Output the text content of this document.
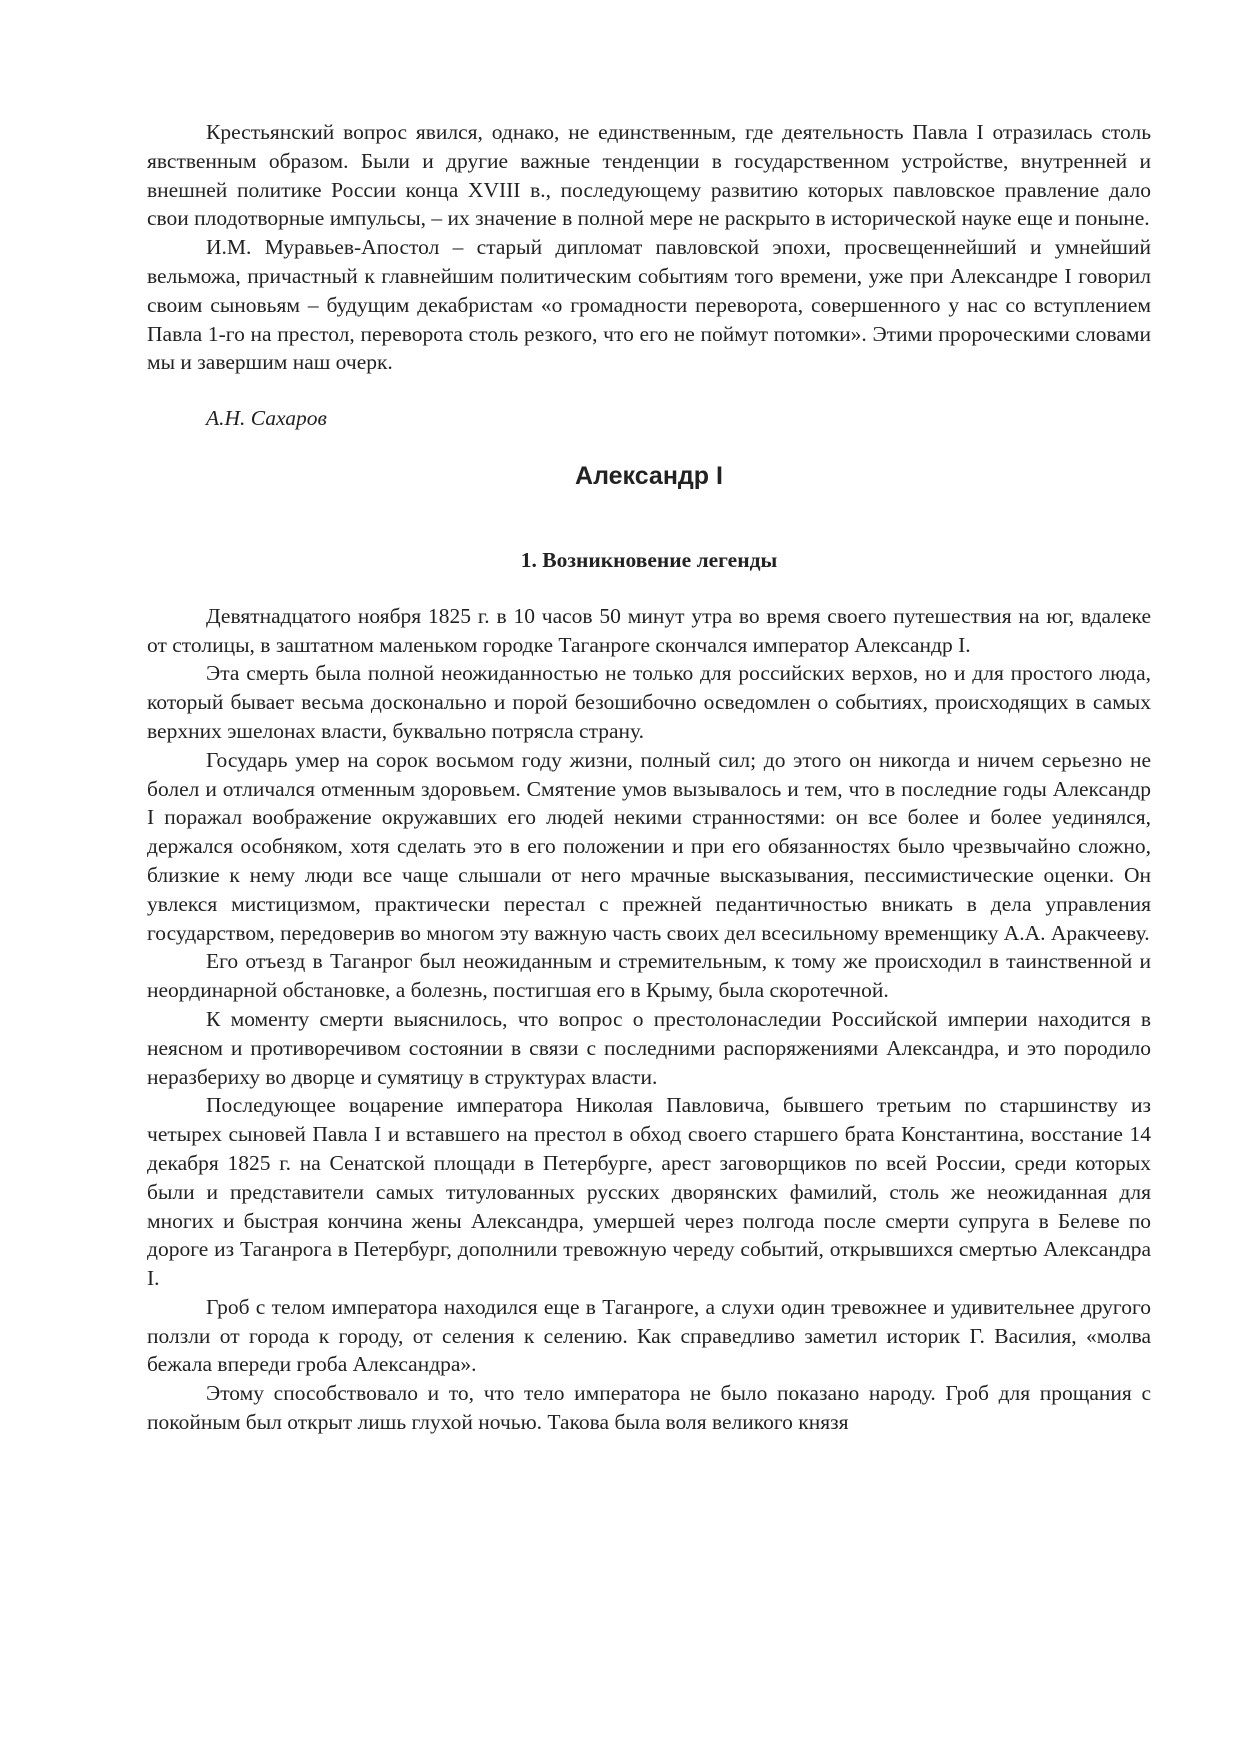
Крестьянский вопрос явился, однако, не единственным, где деятельность Павла I отразилась столь явственным образом. Были и другие важные тенденции в государственном устройстве, внутренней и внешней политике России конца XVIII в., последующему развитию которых павловское правление дало свои плодотворные импульсы, – их значение в полной мере не раскрыто в исторической науке еще и поныне.

И.М. Муравьев-Апостол – старый дипломат павловской эпохи, просвещеннейший и умнейший вельможа, причастный к главнейшим политическим событиям того времени, уже при Александре I говорил своим сыновьям – будущим декабристам «о громадности переворота, совершенного у нас со вступлением Павла 1-го на престол, переворота столь резкого, что его не поймут потомки». Этими пророческими словами мы и завершим наш очерк.

А.Н. Сахаров

Александр I
1. Возникновение легенды

Девятнадцатого ноября 1825 г. в 10 часов 50 минут утра во время своего путешествия на юг, вдалеке от столицы, в заштатном маленьком городке Таганроге скончался император Александр I.

Эта смерть была полной неожиданностью не только для российских верхов, но и для простого люда, который бывает весьма досконально и порой безошибочно осведомлен о событиях, происходящих в самых верхних эшелонах власти, буквально потрясла страну.

Государь умер на сорок восьмом году жизни, полный сил; до этого он никогда и ничем серьезно не болел и отличался отменным здоровьем. Смятение умов вызывалось и тем, что в последние годы Александр I поражал воображение окружавших его людей некими странностями: он все более и более уединялся, держался особняком, хотя сделать это в его положении и при его обязанностях было чрезвычайно сложно, близкие к нему люди все чаще слышали от него мрачные высказывания, пессимистические оценки. Он увлекся мистицизмом, практически перестал с прежней педантичностью вникать в дела управления государством, передоверив во многом эту важную часть своих дел всесильному временщику А.А. Аракчееву.

Его отъезд в Таганрог был неожиданным и стремительным, к тому же происходил в таинственной и неординарной обстановке, а болезнь, постигшая его в Крыму, была скоротечной.

К моменту смерти выяснилось, что вопрос о престолонаследии Российской империи находится в неясном и противоречивом состоянии в связи с последними распоряжениями Александра, и это породило неразбериху во дворце и сумятицу в структурах власти.

Последующее воцарение императора Николая Павловича, бывшего третьим по старшинству из четырех сыновей Павла I и вставшего на престол в обход своего старшего брата Константина, восстание 14 декабря 1825 г. на Сенатской площади в Петербурге, арест заговорщиков по всей России, среди которых были и представители самых титулованных русских дворянских фамилий, столь же неожиданная для многих и быстрая кончина жены Александра, умершей через полгода после смерти супруга в Белеве по дороге из Таганрога в Петербург, дополнили тревожную череду событий, открывшихся смертью Александра I.

Гроб с телом императора находился еще в Таганроге, а слухи один тревожнее и удивительнее другого ползли от города к городу, от селения к селению. Как справедливо заметил историк Г. Василия, «молва бежала впереди гроба Александра».

Этому способствовало и то, что тело императора не было показано народу. Гроб для прощания с покойным был открыт лишь глухой ночью. Такова была воля великого князя
